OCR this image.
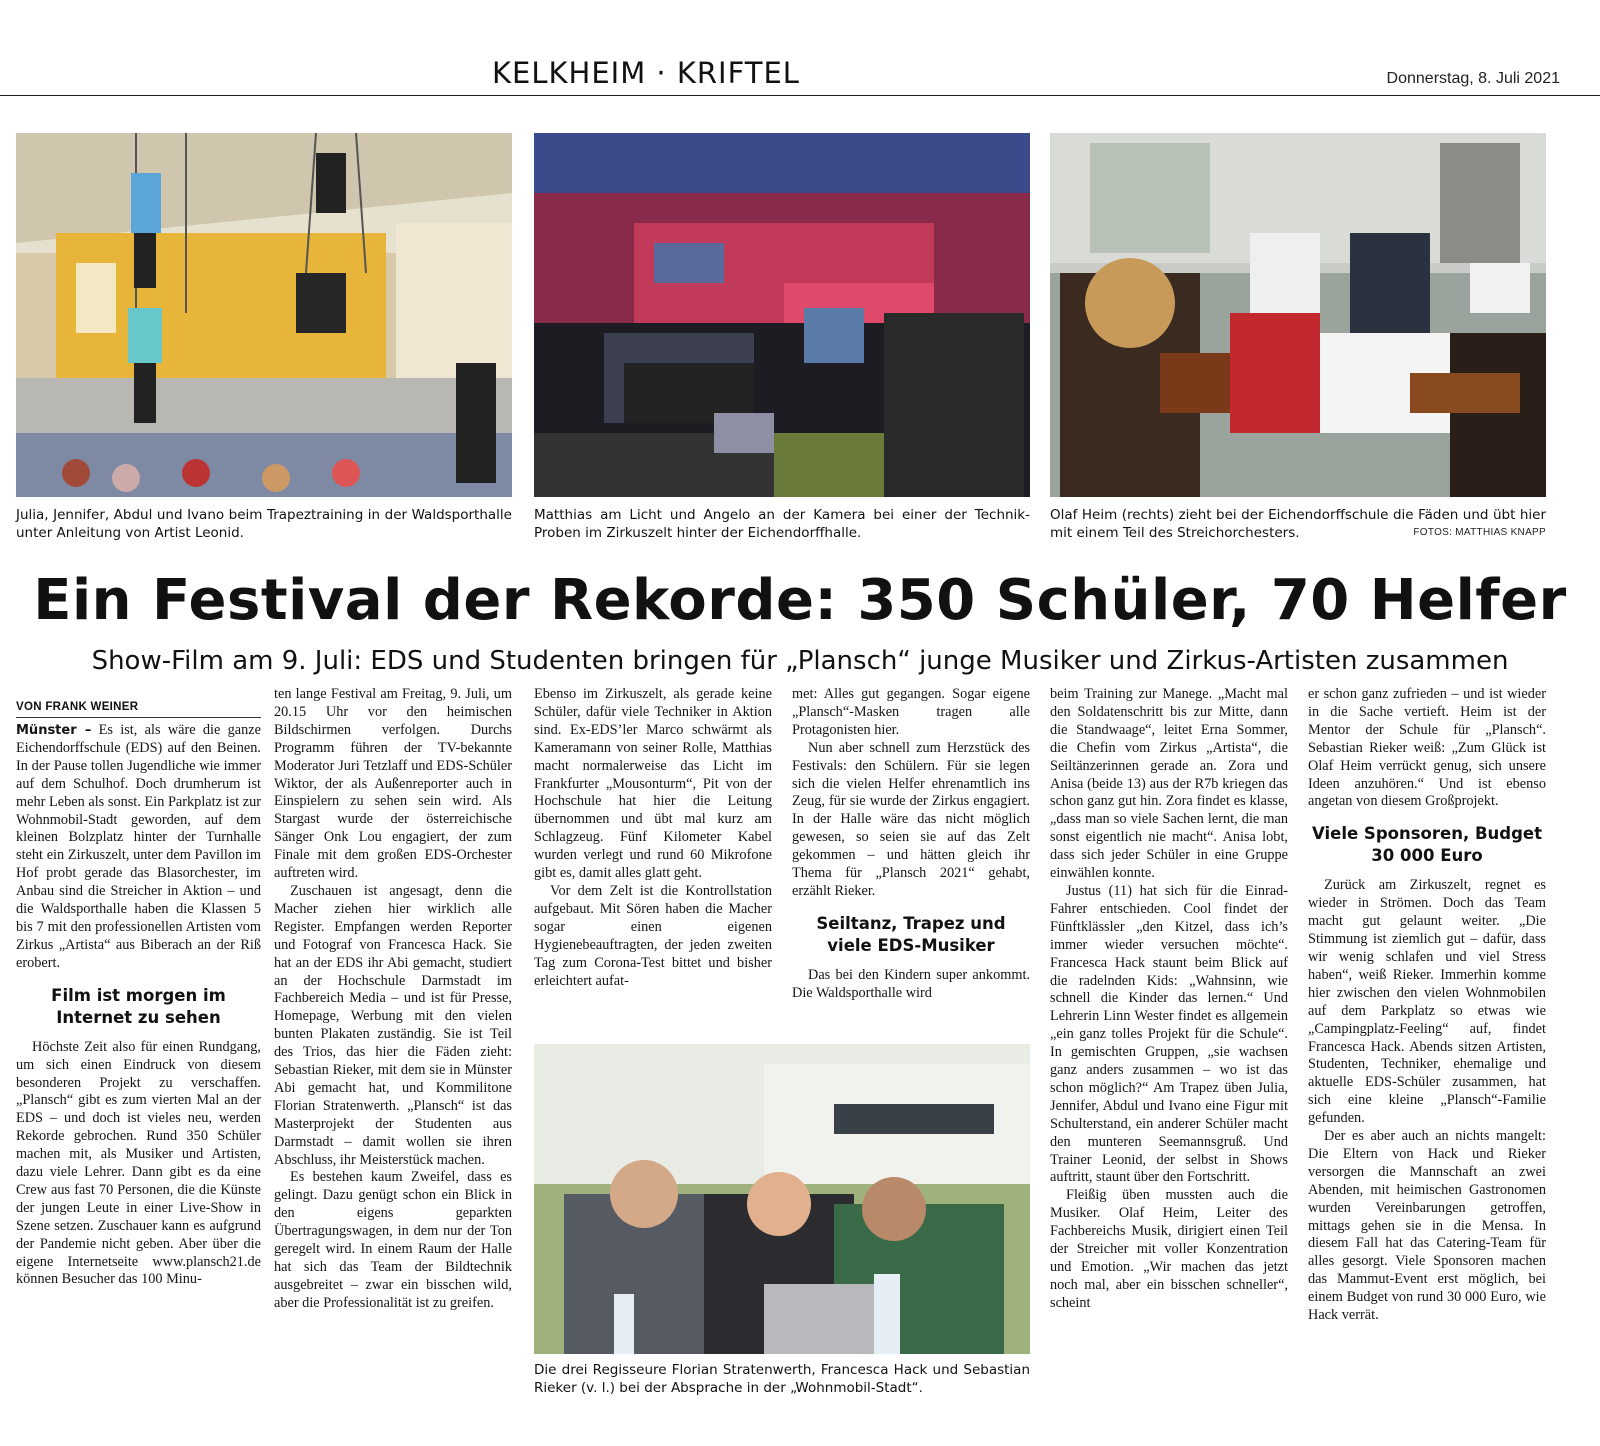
KELKHEIM · KRIFTEL	Donnerstag, 8. Juli 2021
Julia, Jennifer, Abdul und Ivano beim Trapeztraining in der Waldsporthalle unter Anleitung von Artist Leonid.
Matthias am Licht und Angelo an der Kamera bei einer der Technik-Proben im Zirkuszelt hinter der Eichendorffhalle.
Olaf Heim (rechts) zieht bei der Eichendorffschule die Fäden und übt hier mit einem Teil des Streichorchesters.	FOTOS: MATTHIAS KNAPP
Ein Festival der Rekorde: 350 Schüler, 70 Helfer
Show-Film am 9. Juli: EDS und Studenten bringen für „Plansch“ junge Musiker und Zirkus-Artisten zusammen
VON FRANK WEINER

Münster – Es ist, als wäre die ganze Eichendorffschule (EDS) auf den Beinen. In der Pause tollen Jugendliche wie immer auf dem Schulhof. Doch drumherum ist mehr Leben als sonst. Ein Parkplatz ist zur Wohnmobil-Stadt geworden, auf dem kleinen Bolzplatz hinter der Turnhalle steht ein Zirkuszelt, unter dem Pavillon im Hof probt gerade das Blasorchester, im Anbau sind die Streicher in Aktion – und die Waldsporthalle haben die Klassen 5 bis 7 mit den professionellen Artisten vom Zirkus „Artista“ aus Biberach an der Riß erobert.

Film ist morgen im Internet zu sehen

Höchste Zeit also für einen Rundgang, um sich einen Eindruck von diesem besonderen Projekt zu verschaffen. „Plansch“ gibt es zum vierten Mal an der EDS – und doch ist vieles neu, werden Rekorde gebrochen. Rund 350 Schüler machen mit, als Musiker und Artisten, dazu viele Lehrer. Dann gibt es da eine Crew aus fast 70 Personen, die die Künste der jungen Leute in einer Live-Show in Szene setzen. Zuschauer kann es aufgrund der Pandemie nicht geben. Aber über die eigene Internetseite www.plansch21.de können Besucher das 100 Minu-

ten lange Festival am Freitag, 9. Juli, um 20.15 Uhr vor den heimischen Bildschirmen verfolgen. Durchs Programm führen der TV-bekannte Moderator Juri Tetzlaff und EDS-Schüler Wiktor, der als Außenreporter auch in Einspielern zu sehen sein wird. Als Stargast wurde der österreichische Sänger Onk Lou engagiert, der zum Finale mit dem großen EDS-Orchester auftreten wird.

Zuschauen ist angesagt, denn die Macher ziehen hier wirklich alle Register. Empfangen werden Reporter und Fotograf von Francesca Hack. Sie hat an der EDS ihr Abi gemacht, studiert an der Hochschule Darmstadt im Fachbereich Media – und ist für Presse, Homepage, Werbung mit den vielen bunten Plakaten zuständig. Sie ist Teil des Trios, das hier die Fäden zieht: Sebastian Rieker, mit dem sie in Münster Abi gemacht hat, und Kommilitone Florian Stratenwerth. „Plansch“ ist das Masterprojekt der Studenten aus Darmstadt – damit wollen sie ihren Abschluss, ihr Meisterstück machen.

Es bestehen kaum Zweifel, dass es gelingt. Dazu genügt schon ein Blick in den eigens geparkten Übertragungswagen, in dem nur der Ton geregelt wird. In einem Raum der Halle hat sich das Team der Bildtechnik ausgebreitet – zwar ein bisschen wild, aber die Professionalität ist zu greifen.

Ebenso im Zirkuszelt, als gerade keine Schüler, dafür viele Techniker in Aktion sind. Ex-EDS’ler Marco schwärmt als Kameramann von seiner Rolle, Matthias macht normalerweise das Licht im Frankfurter „Mousonturm“, Pit von der Hochschule hat hier die Leitung übernommen und übt mal kurz am Schlagzeug. Fünf Kilometer Kabel wurden verlegt und rund 60 Mikrofone gibt es, damit alles glatt geht.

Vor dem Zelt ist die Kontrollstation aufgebaut. Mit Sören haben die Macher sogar einen eigenen Hygienebeauftragten, der jeden zweiten Tag zum Corona-Test bittet und bisher erleichtert aufat-

met: Alles gut gegangen. Sogar eigene „Plansch“-Masken tragen alle Protagonisten hier.

Nun aber schnell zum Herzstück des Festivals: den Schülern. Für sie legen sich die vielen Helfer ehrenamtlich ins Zeug, für sie wurde der Zirkus engagiert. In der Halle wäre das nicht möglich gewesen, so seien sie auf das Zelt gekommen – und hätten gleich ihr Thema für „Plansch 2021“ gehabt, erzählt Rieker.

Seiltanz, Trapez und viele EDS-Musiker

Das bei den Kindern super ankommt. Die Waldsporthalle wird

Die drei Regisseure Florian Stratenwerth, Francesca Hack und Sebastian Rieker (v. l.) bei der Absprache in der „Wohnmobil-Stadt“.

beim Training zur Manege. „Macht mal den Soldatenschritt bis zur Mitte, dann die Standwaage“, leitet Erna Sommer, die Chefin vom Zirkus „Artista“, die Seiltänzerinnen gerade an. Zora und Anisa (beide 13) aus der R7b kriegen das schon ganz gut hin. Zora findet es klasse, „dass man so viele Sachen lernt, die man sonst eigentlich nie macht“. Anisa lobt, dass sich jeder Schüler in eine Gruppe einwählen konnte.

Justus (11) hat sich für die Einrad-Fahrer entschieden. Cool findet der Fünftklässler „den Kitzel, dass ich’s immer wieder versuchen möchte“. Francesca Hack staunt beim Blick auf die radelnden Kids: „Wahnsinn, wie schnell die Kinder das lernen.“ Und Lehrerin Linn Wester findet es allgemein „ein ganz tolles Projekt für die Schule“. In gemischten Gruppen, „sie wachsen ganz anders zusammen – wo ist das schon möglich?“ Am Trapez üben Julia, Jennifer, Abdul und Ivano eine Figur mit Schulterstand, ein anderer Schüler macht den munteren Seemannsgruß. Und Trainer Leonid, der selbst in Shows auftritt, staunt über den Fortschritt.

Fleißig üben mussten auch die Musiker. Olaf Heim, Leiter des Fachbereichs Musik, dirigiert einen Teil der Streicher mit voller Konzentration und Emotion. „Wir machen das jetzt noch mal, aber ein bisschen schneller“, scheint

er schon ganz zufrieden – und ist wieder in die Sache vertieft. Heim ist der Mentor der Schule für „Plansch“. Sebastian Rieker weiß: „Zum Glück ist Olaf Heim verrückt genug, sich unsere Ideen anzuhören.“ Und ist ebenso angetan von diesem Großprojekt.

Viele Sponsoren, Budget 30 000 Euro

Zurück am Zirkuszelt, regnet es wieder in Strömen. Doch das Team macht gut gelaunt weiter. „Die Stimmung ist ziemlich gut – dafür, dass wir wenig schlafen und viel Stress haben“, weiß Rieker. Immerhin komme hier zwischen den vielen Wohnmobilen auf dem Parkplatz so etwas wie „Campingplatz-Feeling“ auf, findet Francesca Hack. Abends sitzen Artisten, Studenten, Techniker, ehemalige und aktuelle EDS-Schüler zusammen, hat sich eine kleine „Plansch“-Familie gefunden.

Der es aber auch an nichts mangelt: Die Eltern von Hack und Rieker versorgen die Mannschaft an zwei Abenden, mit heimischen Gastronomen wurden Vereinbarungen getroffen, mittags gehen sie in die Mensa. In diesem Fall hat das Catering-Team für alles gesorgt. Viele Sponsoren machen das Mammut-Event erst möglich, bei einem Budget von rund 30 000 Euro, wie Hack verrät.
